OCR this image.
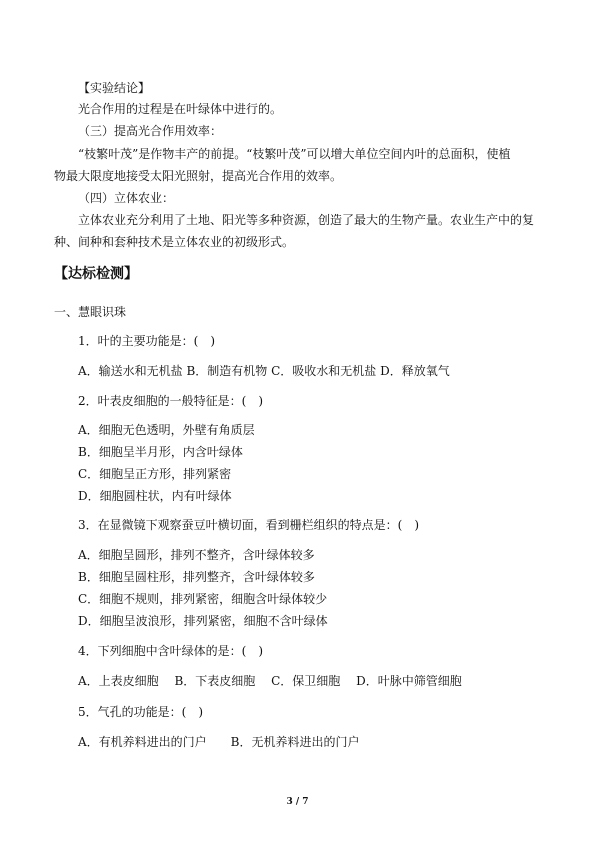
【实验结论】
光合作用的过程是在叶绿体中进行的。
（三）提高光合作用效率：
“枝繁叶茂”是作物丰产的前提。“枝繁叶茂”可以增大单位空间内叶的总面积，使植
物最大限度地接受太阳光照射，提高光合作用的效率。
（四）立体农业：
立体农业充分利用了土地、阳光等多种资源，创造了最大的生物产量。农业生产中的复
种、间种和套种技术是立体农业的初级形式。
【达标检测】
一、慧眼识珠
1．叶的主要功能是：(　)
A．输送水和无机盐 B．制造有机物 C．吸收水和无机盐 D．释放氧气
2．叶表皮细胞的一般特征是：(　)
A．细胞无色透明，外壁有角质层
B．细胞呈半月形，内含叶绿体
C．细胞呈正方形，排列紧密
D．细胞圆柱状，内有叶绿体
3．在显微镜下观察蚕豆叶横切面，看到栅栏组织的特点是：(　)
A．细胞呈圆形，排列不整齐，含叶绿体较多
B．细胞呈圆柱形，排列整齐，含叶绿体较多
C．细胞不规则，排列紧密，细胞含叶绿体较少
D．细胞呈波浪形，排列紧密，细胞不含叶绿体
4．下列细胞中含叶绿体的是：(　)
A．上表皮细胞　 B．下表皮细胞　 C．保卫细胞　 D．叶脉中筛管细胞
5．气孔的功能是：(　)
A．有机养料进出的门户　　B．无机养料进出的门户
3 / 7
